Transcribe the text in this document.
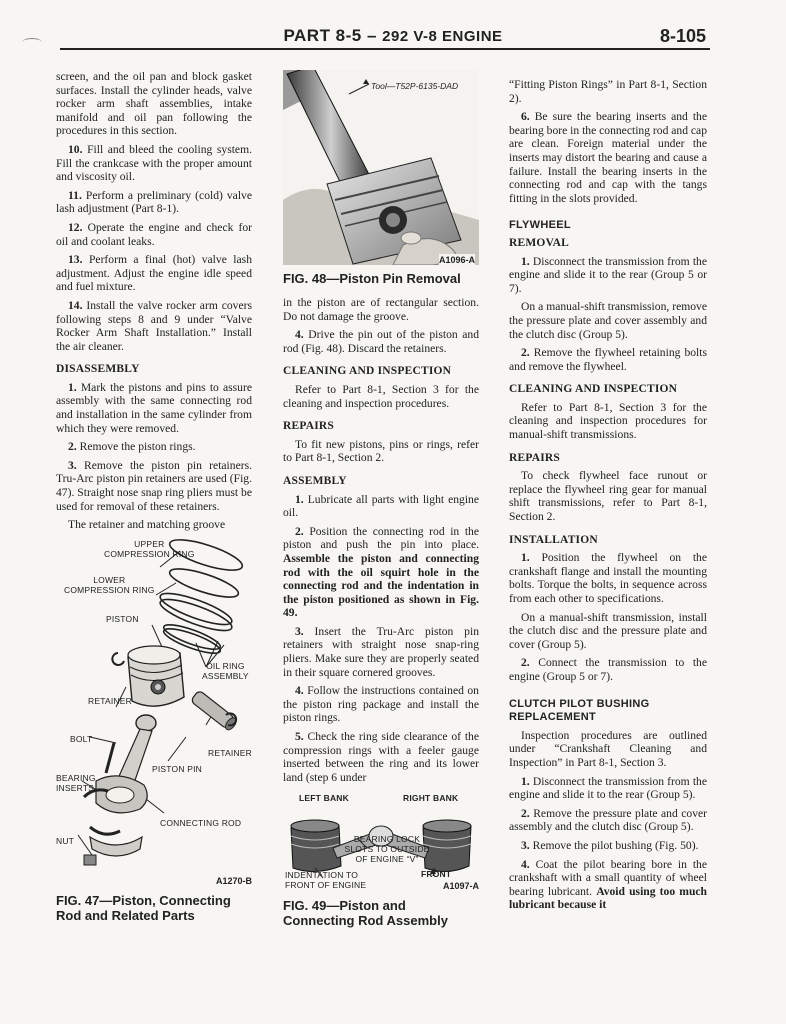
PART 8-5 – 292 V-8 ENGINE	8-105

screen, and the oil pan and block gasket surfaces. Install the cylinder heads, valve rocker arm shaft assemblies, intake manifold and oil pan following the procedures in this section.

10. Fill and bleed the cooling system. Fill the crankcase with the proper amount and viscosity oil.

11. Perform a preliminary (cold) valve lash adjustment (Part 8-1).

12. Operate the engine and check for oil and coolant leaks.

13. Perform a final (hot) valve lash adjustment. Adjust the engine idle speed and fuel mixture.

14. Install the valve rocker arm covers following steps 8 and 9 under “Valve Rocker Arm Shaft Installation.” Install the air cleaner.

DISASSEMBLY

1. Mark the pistons and pins to assure assembly with the same connecting rod and installation in the same cylinder from which they were removed.

2. Remove the piston rings.

3. Remove the piston pin retainers. Tru-Arc piston pin retainers are used (Fig. 47). Straight nose snap ring pliers must be used for removal of these retainers.

The retainer and matching groove

UPPER
COMPRESSION RING
LOWER
COMPRESSION RING
PISTON
OIL RING
ASSEMBLY
RETAINER
RETAINER
BOLT
PISTON PIN
BEARING
INSERTS
CONNECTING ROD
NUT
A1270-B
FIG. 47—Piston, Connecting Rod and Related Parts
Tool—T52P-6135-DAD
A1096-A
FIG. 48—Piston Pin Removal

in the piston are of rectangular section. Do not damage the groove.

4. Drive the pin out of the piston and rod (Fig. 48). Discard the retainers.

CLEANING AND INSPECTION

Refer to Part 8-1, Section 3 for the cleaning and inspection procedures.

REPAIRS

To fit new pistons, pins or rings, refer to Part 8-1, Section 2.

ASSEMBLY

1. Lubricate all parts with light engine oil.

2. Position the connecting rod in the piston and push the pin into place. Assemble the piston and connecting rod with the oil squirt hole in the connecting rod and the indentation in the piston positioned as shown in Fig. 49.

3. Insert the Tru-Arc piston pin retainers with straight nose snap-ring pliers. Make sure they are properly seated in their square cornered grooves.

4. Follow the instructions contained on the piston ring package and install the piston rings.

5. Check the ring side clearance of the compression rings with a feeler gauge inserted between the ring and its lower land (step 6 under

LEFT BANK	RIGHT BANK
BEARING LOCK
SLOTS TO OUTSIDE
OF ENGINE “V”
INDENTATION TO
FRONT OF ENGINE
FRONT
A1097-A
FIG. 49—Piston and Connecting Rod Assembly

“Fitting Piston Rings” in Part 8-1, Section 2).

6. Be sure the bearing inserts and the bearing bore in the connecting rod and cap are clean. Foreign material under the inserts may distort the bearing and cause a failure. Install the bearing inserts in the connecting rod and cap with the tangs fitting in the slots provided.

FLYWHEEL
REMOVAL

1. Disconnect the transmission from the engine and slide it to the rear (Group 5 or 7).

On a manual-shift transmission, remove the pressure plate and cover assembly and the clutch disc (Group 5).

2. Remove the flywheel retaining bolts and remove the flywheel.

CLEANING AND INSPECTION

Refer to Part 8-1, Section 3 for the cleaning and inspection procedures for manual-shift transmissions.

REPAIRS

To check flywheel face runout or replace the flywheel ring gear for manual shift transmissions, refer to Part 8-1, Section 2.

INSTALLATION

1. Position the flywheel on the crankshaft flange and install the mounting bolts. Torque the bolts, in sequence across from each other to specifications.

On a manual-shift transmission, install the clutch disc and the pressure plate and cover (Group 5).

2. Connect the transmission to the engine (Group 5 or 7).

CLUTCH PILOT BUSHING REPLACEMENT

Inspection procedures are outlined under “Crankshaft Cleaning and Inspection” in Part 8-1, Section 3.

1. Disconnect the transmission from the engine and slide it to the rear (Group 5).

2. Remove the pressure plate and cover assembly and the clutch disc (Group 5).

3. Remove the pilot bushing (Fig. 50).

4. Coat the pilot bearing bore in the crankshaft with a small quantity of wheel bearing lubricant. Avoid using too much lubricant because it
